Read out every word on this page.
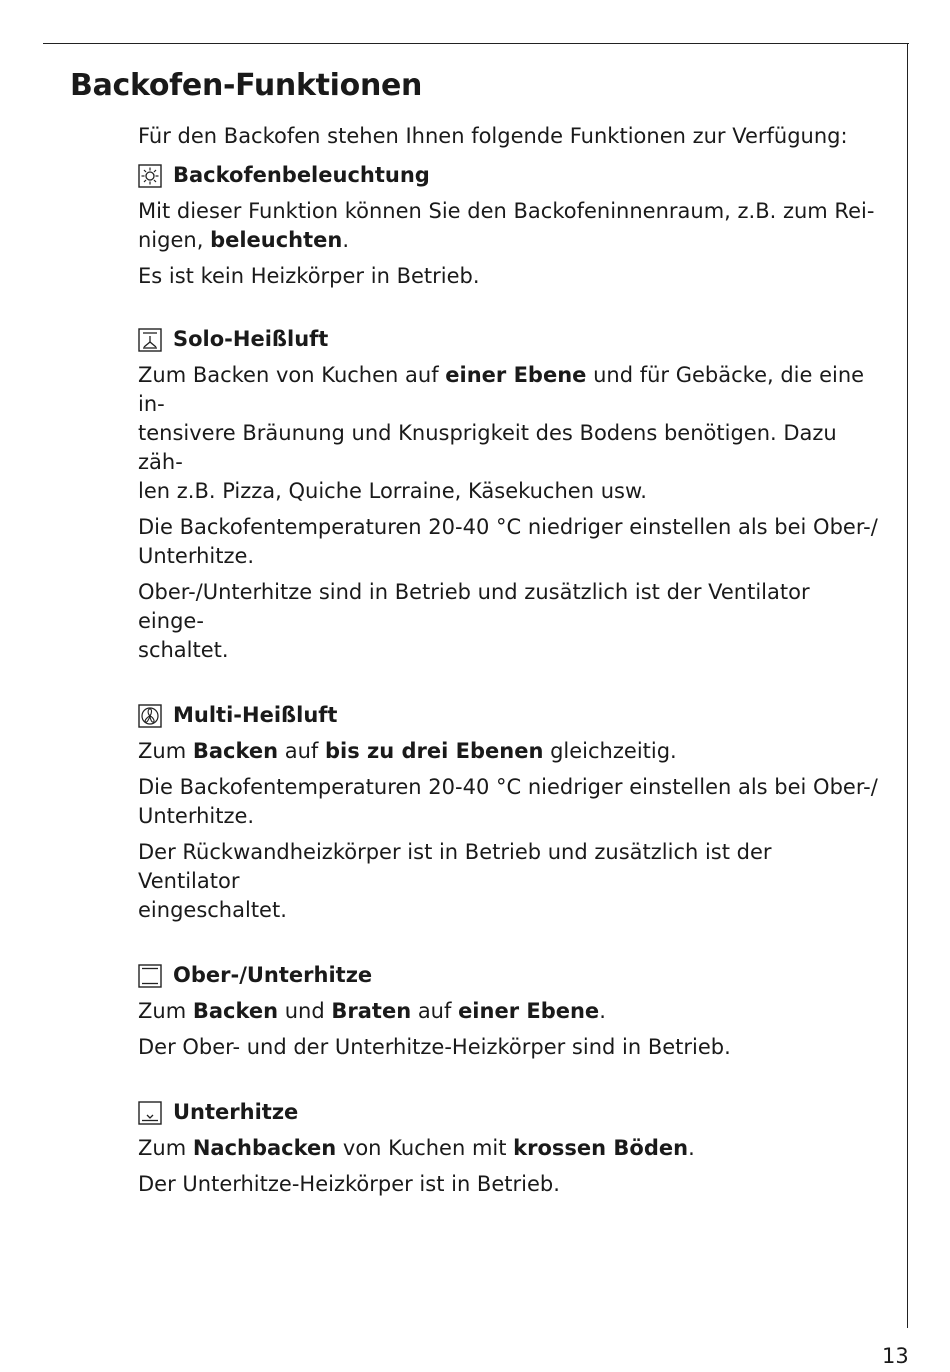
Backofen-Funktionen

Für den Backofen stehen Ihnen folgende Funktionen zur Verfügung:

Backofenbeleuchtung

Mit dieser Funktion können Sie den Backofeninnenraum, z.B. zum Rei-
nigen, beleuchten.

Es ist kein Heizkörper in Betrieb.

Solo-Heißluft

Zum Backen von Kuchen auf einer Ebene und für Gebäcke, die eine in-
tensivere Bräunung und Knusprigkeit des Bodens benötigen. Dazu zäh-
len z.B. Pizza, Quiche Lorraine, Käsekuchen usw.

Die Backofentemperaturen 20-40 °C niedriger einstellen als bei Ober-/
Unterhitze.

Ober-/Unterhitze sind in Betrieb und zusätzlich ist der Ventilator einge-
schaltet.

Multi-Heißluft

Zum Backen auf bis zu drei Ebenen gleichzeitig.

Die Backofentemperaturen 20-40 °C niedriger einstellen als bei Ober-/
Unterhitze.

Der Rückwandheizkörper ist in Betrieb und zusätzlich ist der Ventilator
eingeschaltet.

Ober-/Unterhitze

Zum Backen und Braten auf einer Ebene.

Der Ober- und der Unterhitze-Heizkörper sind in Betrieb.

Unterhitze

Zum Nachbacken von Kuchen mit krossen Böden.

Der Unterhitze-Heizkörper ist in Betrieb.

13
